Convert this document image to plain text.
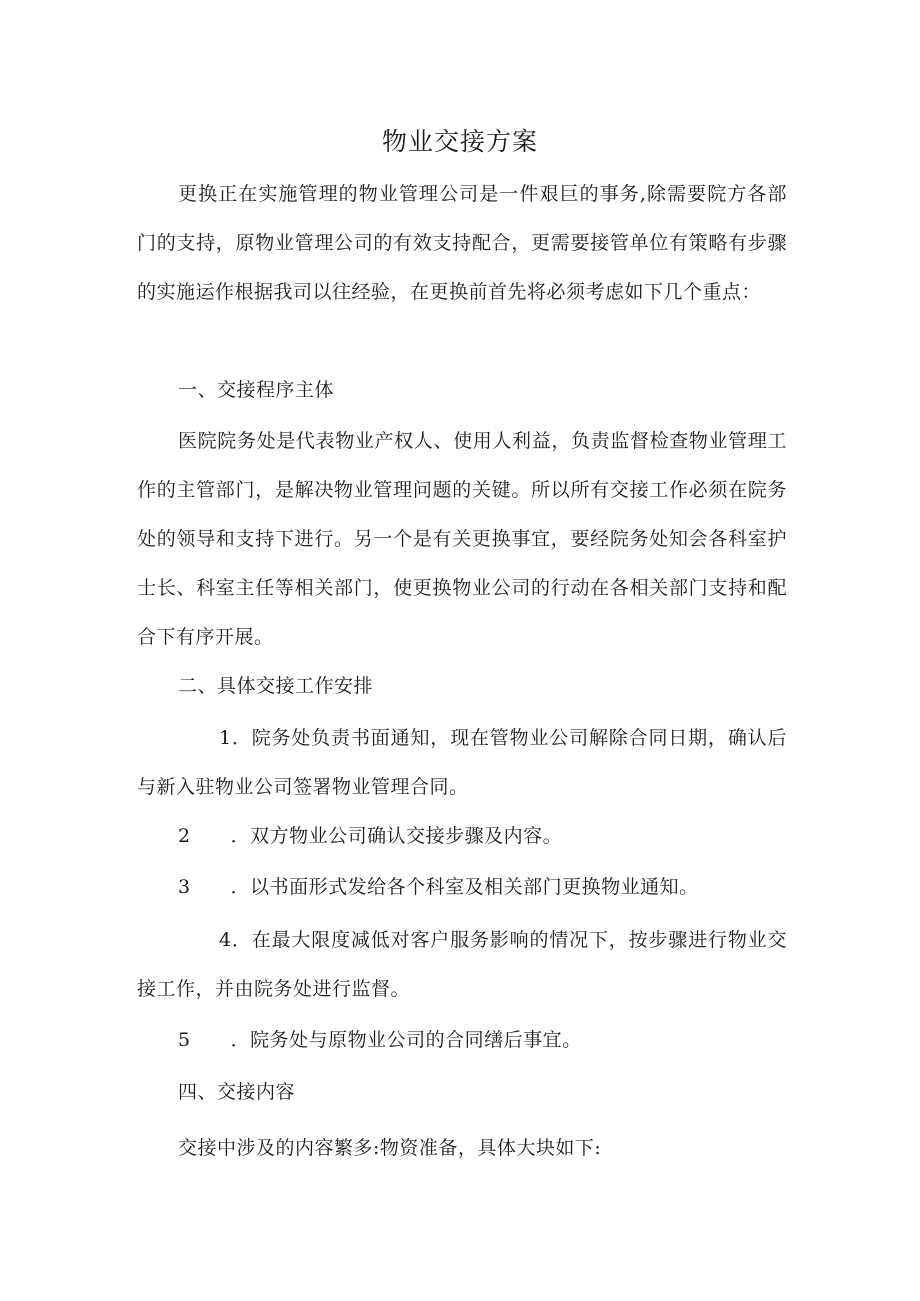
物业交接方案

更换正在实施管理的物业管理公司是一件艰巨的事务,除需要院方各部门的支持，原物业管理公司的有效支持配合，更需要接管单位有策略有步骤的实施运作根据我司以往经验，在更换前首先将必须考虑如下几个重点：

一、交接程序主体

医院院务处是代表物业产权人、使用人利益，负责监督检查物业管理工作的主管部门，是解决物业管理问题的关键。所以所有交接工作必须在院务处的领导和支持下进行。另一个是有关更换事宜，要经院务处知会各科室护士长、科室主任等相关部门，使更换物业公司的行动在各相关部门支持和配合下有序开展。

二、具体交接工作安排

1．院务处负责书面通知，现在管物业公司解除合同日期，确认后与新入驻物业公司签署物业管理合同。

2 ．双方物业公司确认交接步骤及内容。

3 ．以书面形式发给各个科室及相关部门更换物业通知。

4．在最大限度减低对客户服务影响的情况下，按步骤进行物业交接工作，并由院务处进行监督。

5 ．院务处与原物业公司的合同缮后事宜。

四、交接内容

交接中涉及的内容繁多:物资准备，具体大块如下:
